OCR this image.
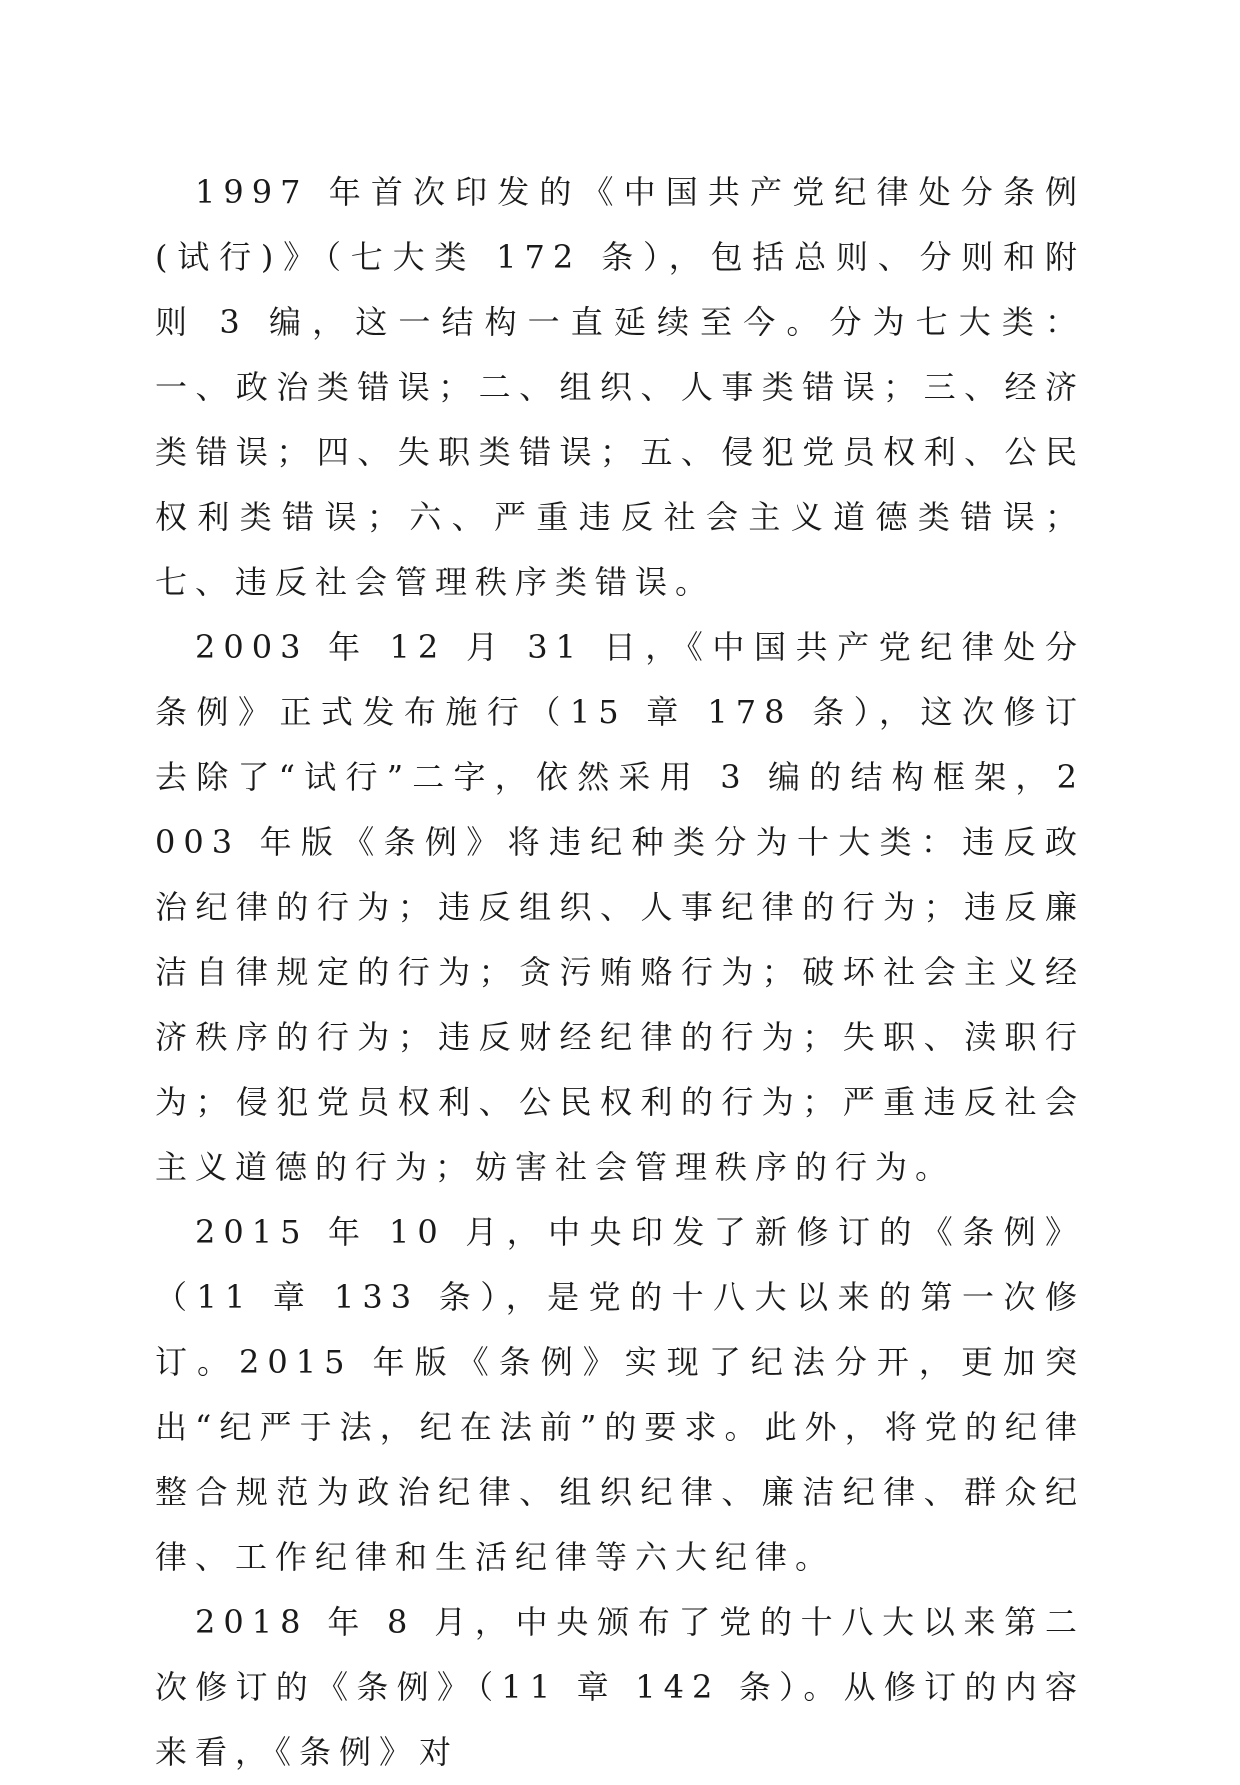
1997 年首次印发的《中国共产党纪律处分条例(试行)》（七大类 172 条），包括总则、分则和附则 3 编，这一结构一直延续至今。分为七大类：一、政治类错误；二、组织、人事类错误；三、经济类错误；四、失职类错误；五、侵犯党员权利、公民权利类错误；六、严重违反社会主义道德类错误；七、违反社会管理秩序类错误。

2003 年 12 月 31 日，《中国共产党纪律处分条例》正式发布施行（15 章 178 条），这次修订去除了“试行”二字，依然采用 3 编的结构框架，2003 年版《条例》将违纪种类分为十大类：违反政治纪律的行为；违反组织、人事纪律的行为；违反廉洁自律规定的行为；贪污贿赂行为；破坏社会主义经济秩序的行为；违反财经纪律的行为；失职、渎职行为；侵犯党员权利、公民权利的行为；严重违反社会主义道德的行为；妨害社会管理秩序的行为。

2015 年 10 月，中央印发了新修订的《条例》（11 章 133 条），是党的十八大以来的第一次修订。2015 年版《条例》实现了纪法分开，更加突出“纪严于法，纪在法前”的要求。此外，将党的纪律整合规范为政治纪律、组织纪律、廉洁纪律、群众纪律、工作纪律和生活纪律等六大纪律。

2018 年 8 月，中央颁布了党的十八大以来第二次修订的《条例》（11 章 142 条）。从修订的内容来看，《条例》对
